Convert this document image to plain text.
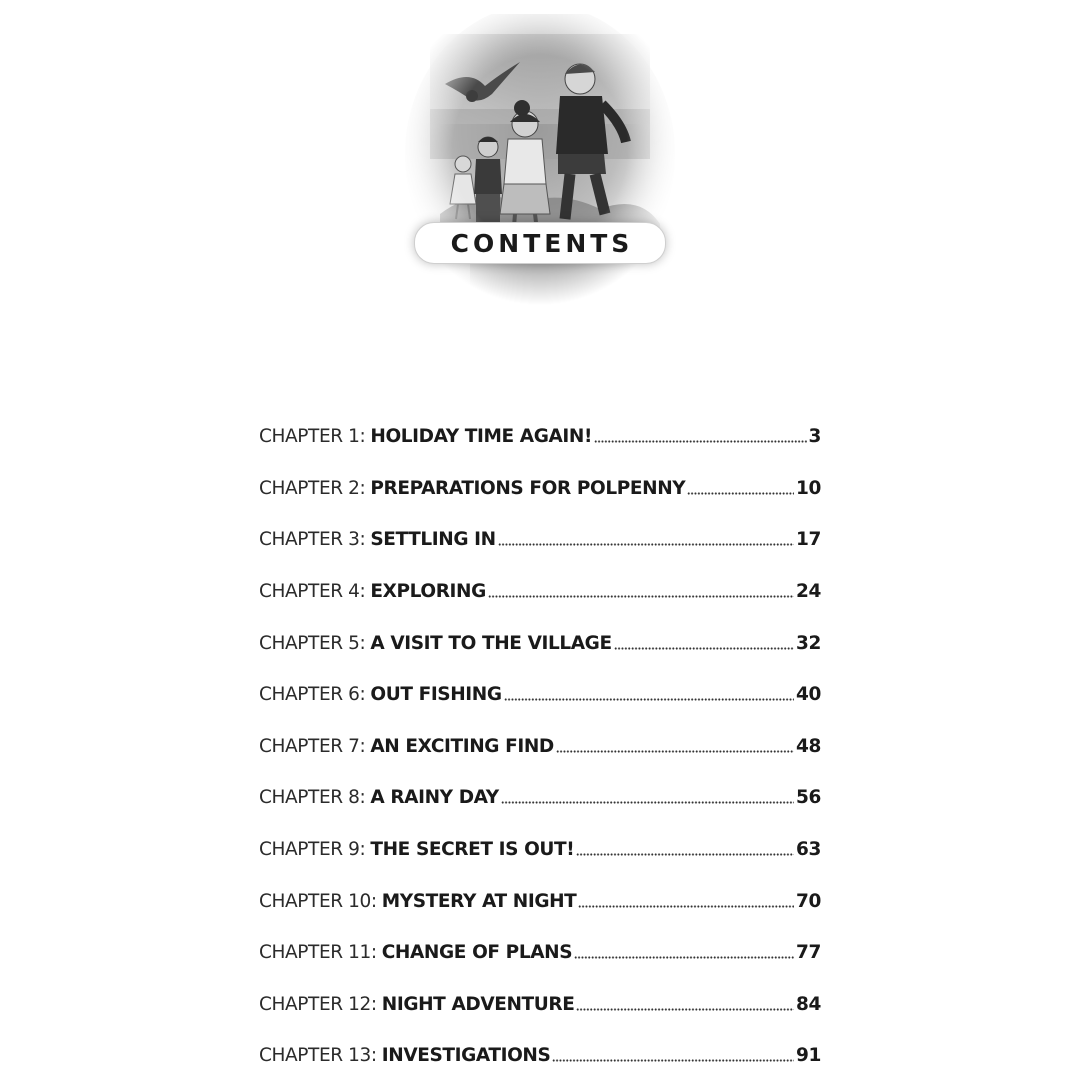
CONTENTS
CHAPTER 1: HOLIDAY TIME AGAIN!	3
CHAPTER 2: PREPARATIONS FOR POLPENNY	10
CHAPTER 3: SETTLING IN	17
CHAPTER 4: EXPLORING	24
CHAPTER 5: A VISIT TO THE VILLAGE	32
CHAPTER 6: OUT FISHING	40
CHAPTER 7: AN EXCITING FIND	48
CHAPTER 8: A RAINY DAY	56
CHAPTER 9: THE SECRET IS OUT!	63
CHAPTER 10: MYSTERY AT NIGHT	70
CHAPTER 11: CHANGE OF PLANS	77
CHAPTER 12: NIGHT ADVENTURE	84
CHAPTER 13: INVESTIGATIONS	91
